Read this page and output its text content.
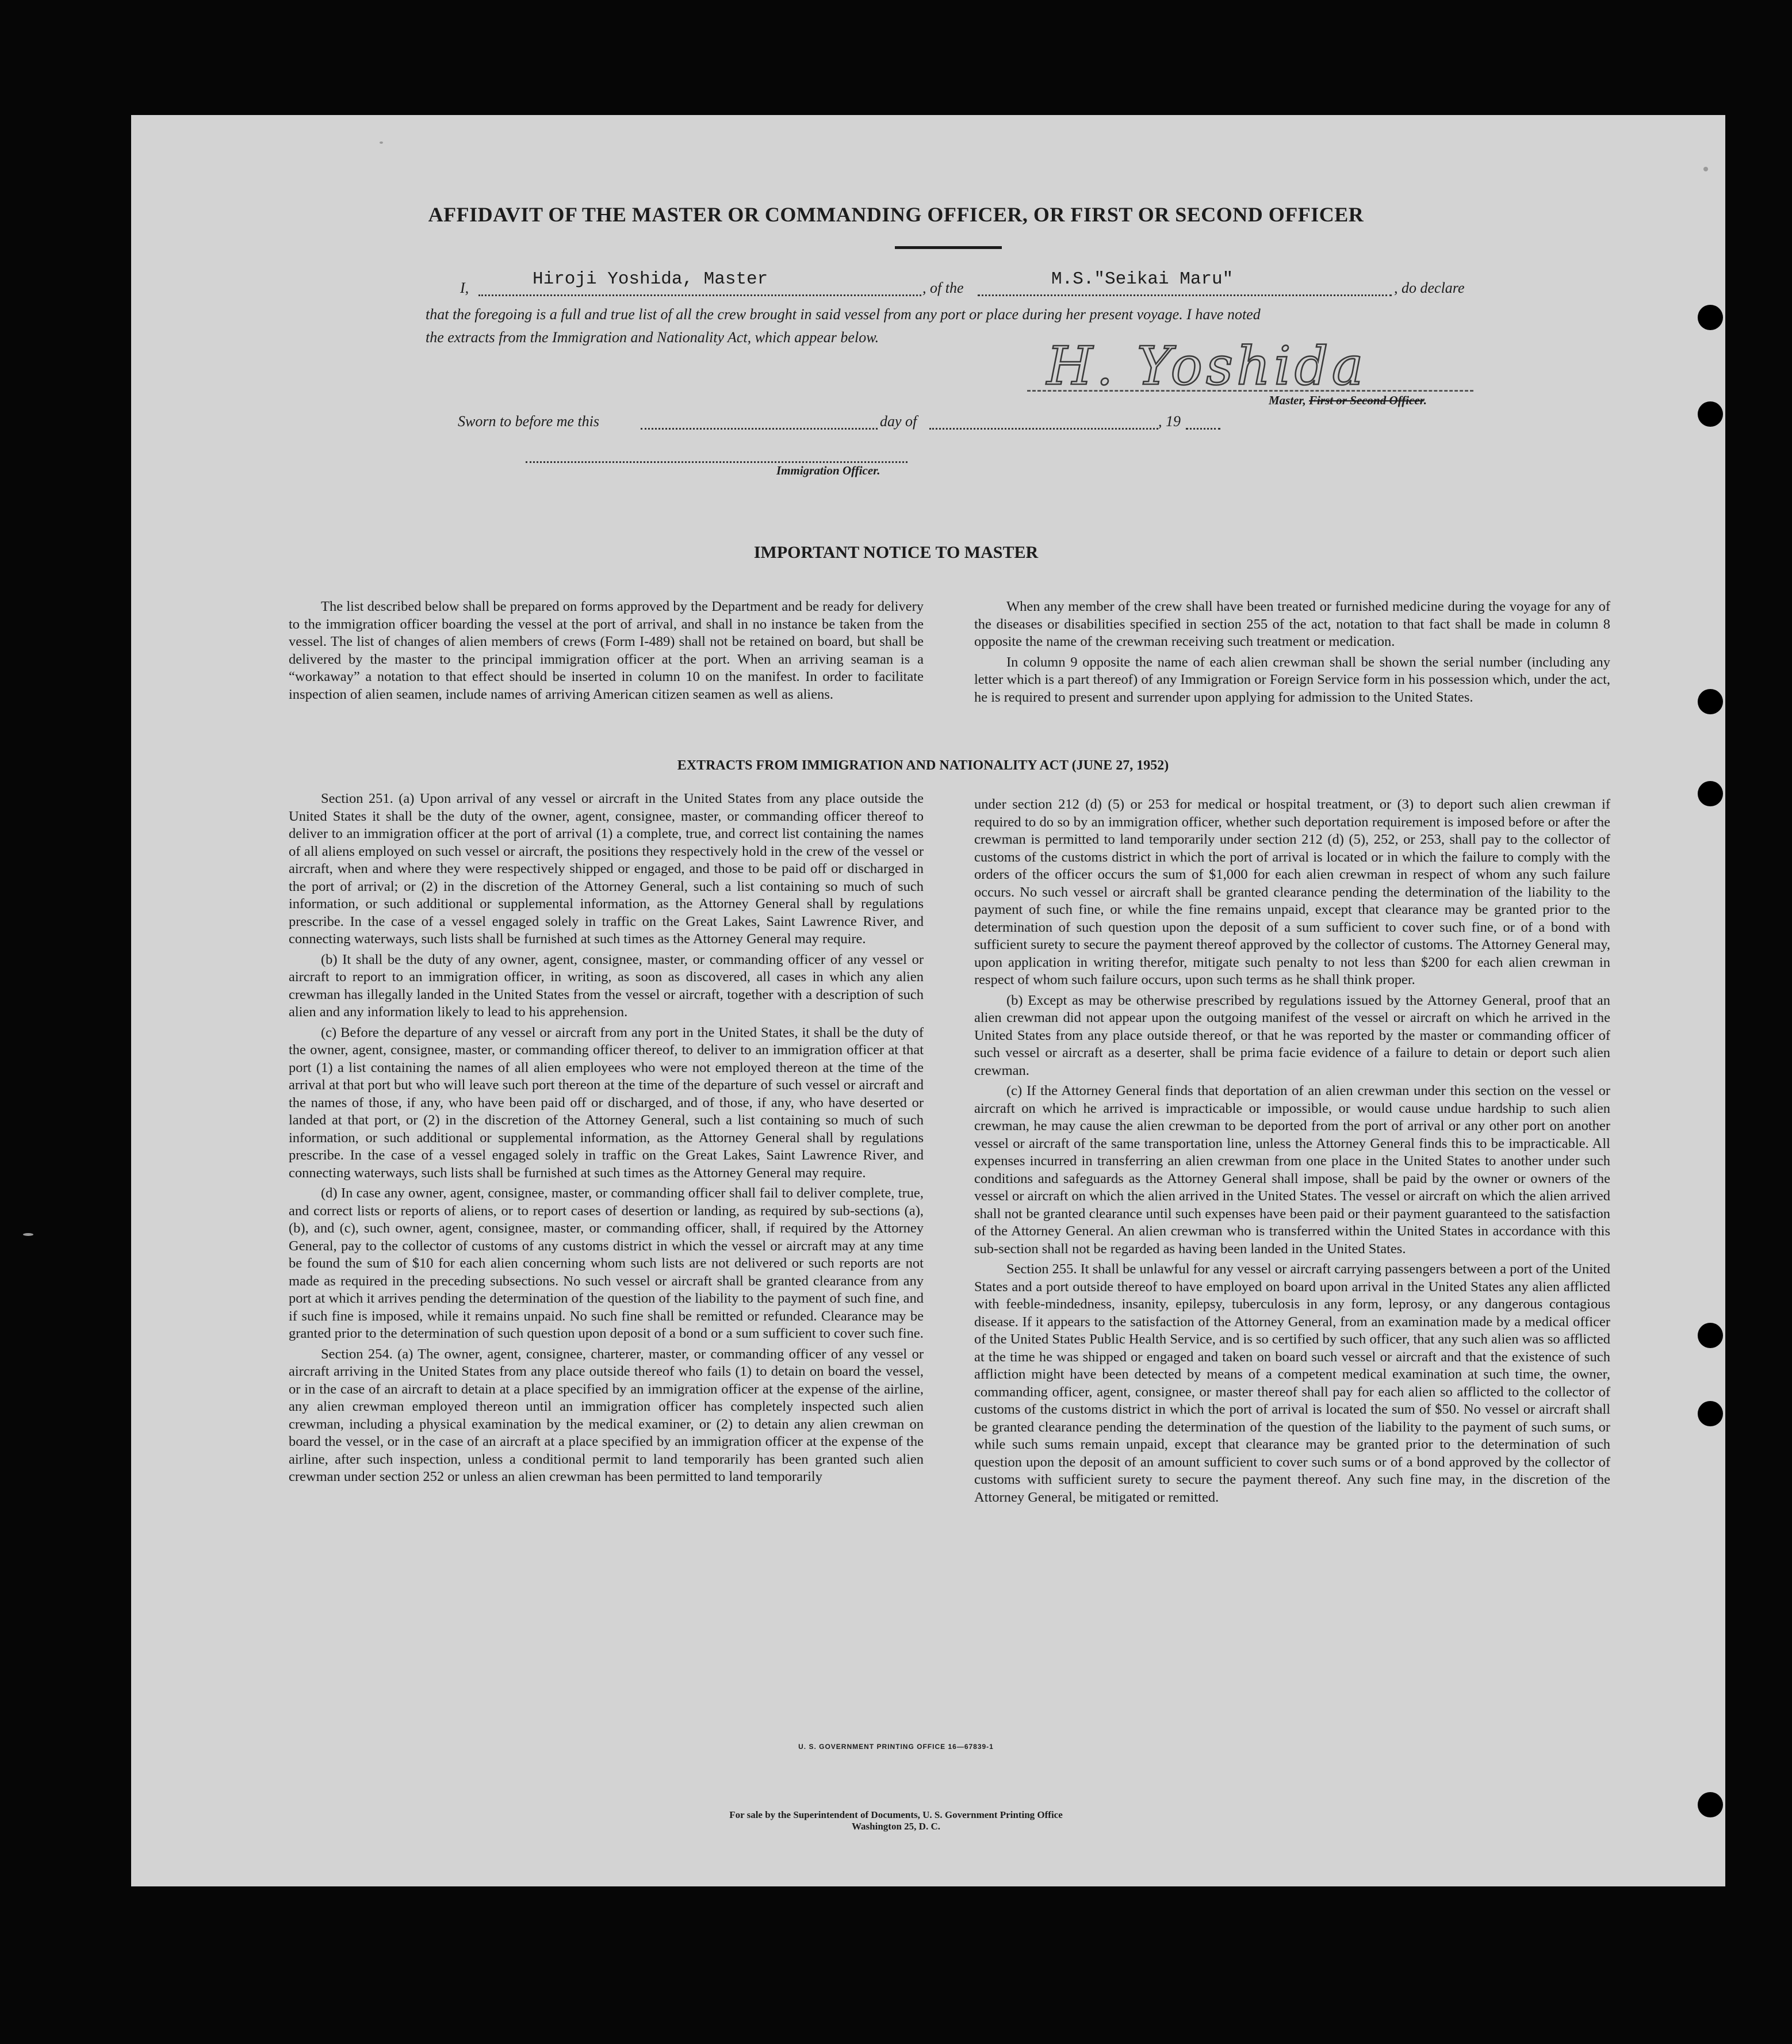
AFFIDAVIT OF THE MASTER OR COMMANDING OFFICER, OR FIRST OR SECOND OFFICER
I,	Hiroji Yoshida, Master	, of the	M.S."Seikai Maru"	, do declare
that the foregoing is a full and true list of all the crew brought in said vessel from any port or place during her present voyage. I have noted
the extracts from the Immigration and Nationality Act, which appear below.	H. Yoshida
Master, First or Second Officer.
Sworn to before me this	day of	, 19
Immigration Officer.
IMPORTANT NOTICE TO MASTER

The list described below shall be prepared on forms approved by the Department and be ready for delivery to the immigration officer boarding the vessel at the port of arrival, and shall in no instance be taken from the vessel. The list of changes of alien members of crews (Form I-489) shall not be retained on board, but shall be delivered by the master to the principal immigration officer at the port. When an arriving seaman is a “workaway” a notation to that effect should be inserted in column 10 on the manifest. In order to facilitate inspection of alien seamen, include names of arriving American citizen seamen as well as aliens.

When any member of the crew shall have been treated or furnished medicine during the voyage for any of the diseases or disabilities specified in section 255 of the act, notation to that fact shall be made in column 8 opposite the name of the crewman receiving such treatment or medication.

In column 9 opposite the name of each alien crewman shall be shown the serial number (including any letter which is a part thereof) of any Immigration or Foreign Service form in his possession which, under the act, he is required to present and surrender upon applying for admission to the United States.

EXTRACTS FROM IMMIGRATION AND NATIONALITY ACT (JUNE 27, 1952)

Section 251. (a) Upon arrival of any vessel or aircraft in the United States from any place outside the United States it shall be the duty of the owner, agent, consignee, master, or commanding officer thereof to deliver to an immigration officer at the port of arrival (1) a complete, true, and correct list containing the names of all aliens employed on such vessel or aircraft, the positions they respectively hold in the crew of the vessel or aircraft, when and where they were respectively shipped or engaged, and those to be paid off or discharged in the port of arrival; or (2) in the discretion of the Attorney General, such a list containing so much of such information, or such additional or supplemental information, as the Attorney General shall by regulations prescribe. In the case of a vessel engaged solely in traffic on the Great Lakes, Saint Lawrence River, and connecting waterways, such lists shall be furnished at such times as the Attorney General may require.

(b) It shall be the duty of any owner, agent, consignee, master, or commanding officer of any vessel or aircraft to report to an immigration officer, in writing, as soon as discovered, all cases in which any alien crewman has illegally landed in the United States from the vessel or aircraft, together with a description of such alien and any information likely to lead to his apprehension.

(c) Before the departure of any vessel or aircraft from any port in the United States, it shall be the duty of the owner, agent, consignee, master, or commanding officer thereof, to deliver to an immigration officer at that port (1) a list containing the names of all alien employees who were not employed thereon at the time of the arrival at that port but who will leave such port thereon at the time of the departure of such vessel or aircraft and the names of those, if any, who have been paid off or discharged, and of those, if any, who have deserted or landed at that port, or (2) in the discretion of the Attorney General, such a list containing so much of such information, or such additional or supplemental information, as the Attorney General shall by regulations prescribe. In the case of a vessel engaged solely in traffic on the Great Lakes, Saint Lawrence River, and connecting waterways, such lists shall be furnished at such times as the Attorney General may require.

(d) In case any owner, agent, consignee, master, or commanding officer shall fail to deliver complete, true, and correct lists or reports of aliens, or to report cases of desertion or landing, as required by sub-sections (a), (b), and (c), such owner, agent, consignee, master, or commanding officer, shall, if required by the Attorney General, pay to the collector of customs of any customs district in which the vessel or aircraft may at any time be found the sum of $10 for each alien concerning whom such lists are not delivered or such reports are not made as required in the preceding subsections. No such vessel or aircraft shall be granted clearance from any port at which it arrives pending the determination of the question of the liability to the payment of such fine, and if such fine is imposed, while it remains unpaid. No such fine shall be remitted or refunded. Clearance may be granted prior to the determination of such question upon deposit of a bond or a sum sufficient to cover such fine.

Section 254. (a) The owner, agent, consignee, charterer, master, or commanding officer of any vessel or aircraft arriving in the United States from any place outside thereof who fails (1) to detain on board the vessel, or in the case of an aircraft to detain at a place specified by an immigration officer at the expense of the airline, any alien crewman employed thereon until an immigration officer has completely inspected such alien crewman, including a physical examination by the medical examiner, or (2) to detain any alien crewman on board the vessel, or in the case of an aircraft at a place specified by an immigration officer at the expense of the airline, after such inspection, unless a conditional permit to land temporarily has been granted such alien crewman under section 252 or unless an alien crewman has been permitted to land temporarily

under section 212 (d) (5) or 253 for medical or hospital treatment, or (3) to deport such alien crewman if required to do so by an immigration officer, whether such deportation requirement is imposed before or after the crewman is permitted to land temporarily under section 212 (d) (5), 252, or 253, shall pay to the collector of customs of the customs district in which the port of arrival is located or in which the failure to comply with the orders of the officer occurs the sum of $1,000 for each alien crewman in respect of whom any such failure occurs. No such vessel or aircraft shall be granted clearance pending the determination of the liability to the payment of such fine, or while the fine remains unpaid, except that clearance may be granted prior to the determination of such question upon the deposit of a sum sufficient to cover such fine, or of a bond with sufficient surety to secure the payment thereof approved by the collector of customs. The Attorney General may, upon application in writing therefor, mitigate such penalty to not less than $200 for each alien crewman in respect of whom such failure occurs, upon such terms as he shall think proper.

(b) Except as may be otherwise prescribed by regulations issued by the Attorney General, proof that an alien crewman did not appear upon the outgoing manifest of the vessel or aircraft on which he arrived in the United States from any place outside thereof, or that he was reported by the master or commanding officer of such vessel or aircraft as a deserter, shall be prima facie evidence of a failure to detain or deport such alien crewman.

(c) If the Attorney General finds that deportation of an alien crewman under this section on the vessel or aircraft on which he arrived is impracticable or impossible, or would cause undue hardship to such alien crewman, he may cause the alien crewman to be deported from the port of arrival or any other port on another vessel or aircraft of the same transportation line, unless the Attorney General finds this to be impracticable. All expenses incurred in transferring an alien crewman from one place in the United States to another under such conditions and safeguards as the Attorney General shall impose, shall be paid by the owner or owners of the vessel or aircraft on which the alien arrived in the United States. The vessel or aircraft on which the alien arrived shall not be granted clearance until such expenses have been paid or their payment guaranteed to the satisfaction of the Attorney General. An alien crewman who is transferred within the United States in accordance with this sub-section shall not be regarded as having been landed in the United States.

Section 255. It shall be unlawful for any vessel or aircraft carrying passengers between a port of the United States and a port outside thereof to have employed on board upon arrival in the United States any alien afflicted with feeble-mindedness, insanity, epilepsy, tuberculosis in any form, leprosy, or any dangerous contagious disease. If it appears to the satisfaction of the Attorney General, from an examination made by a medical officer of the United States Public Health Service, and is so certified by such officer, that any such alien was so afflicted at the time he was shipped or engaged and taken on board such vessel or aircraft and that the existence of such affliction might have been detected by means of a competent medical examination at such time, the owner, commanding officer, agent, consignee, or master thereof shall pay for each alien so afflicted to the collector of customs of the customs district in which the port of arrival is located the sum of $50. No vessel or aircraft shall be granted clearance pending the determination of the question of the liability to the payment of such sums, or while such sums remain unpaid, except that clearance may be granted prior to the determination of such question upon the deposit of an amount sufficient to cover such sums or of a bond approved by the collector of customs with sufficient surety to secure the payment thereof. Any such fine may, in the discretion of the Attorney General, be mitigated or remitted.

U. S. GOVERNMENT PRINTING OFFICE 16—67839-1
For sale by the Superintendent of Documents, U. S. Government Printing Office
Washington 25, D. C.
